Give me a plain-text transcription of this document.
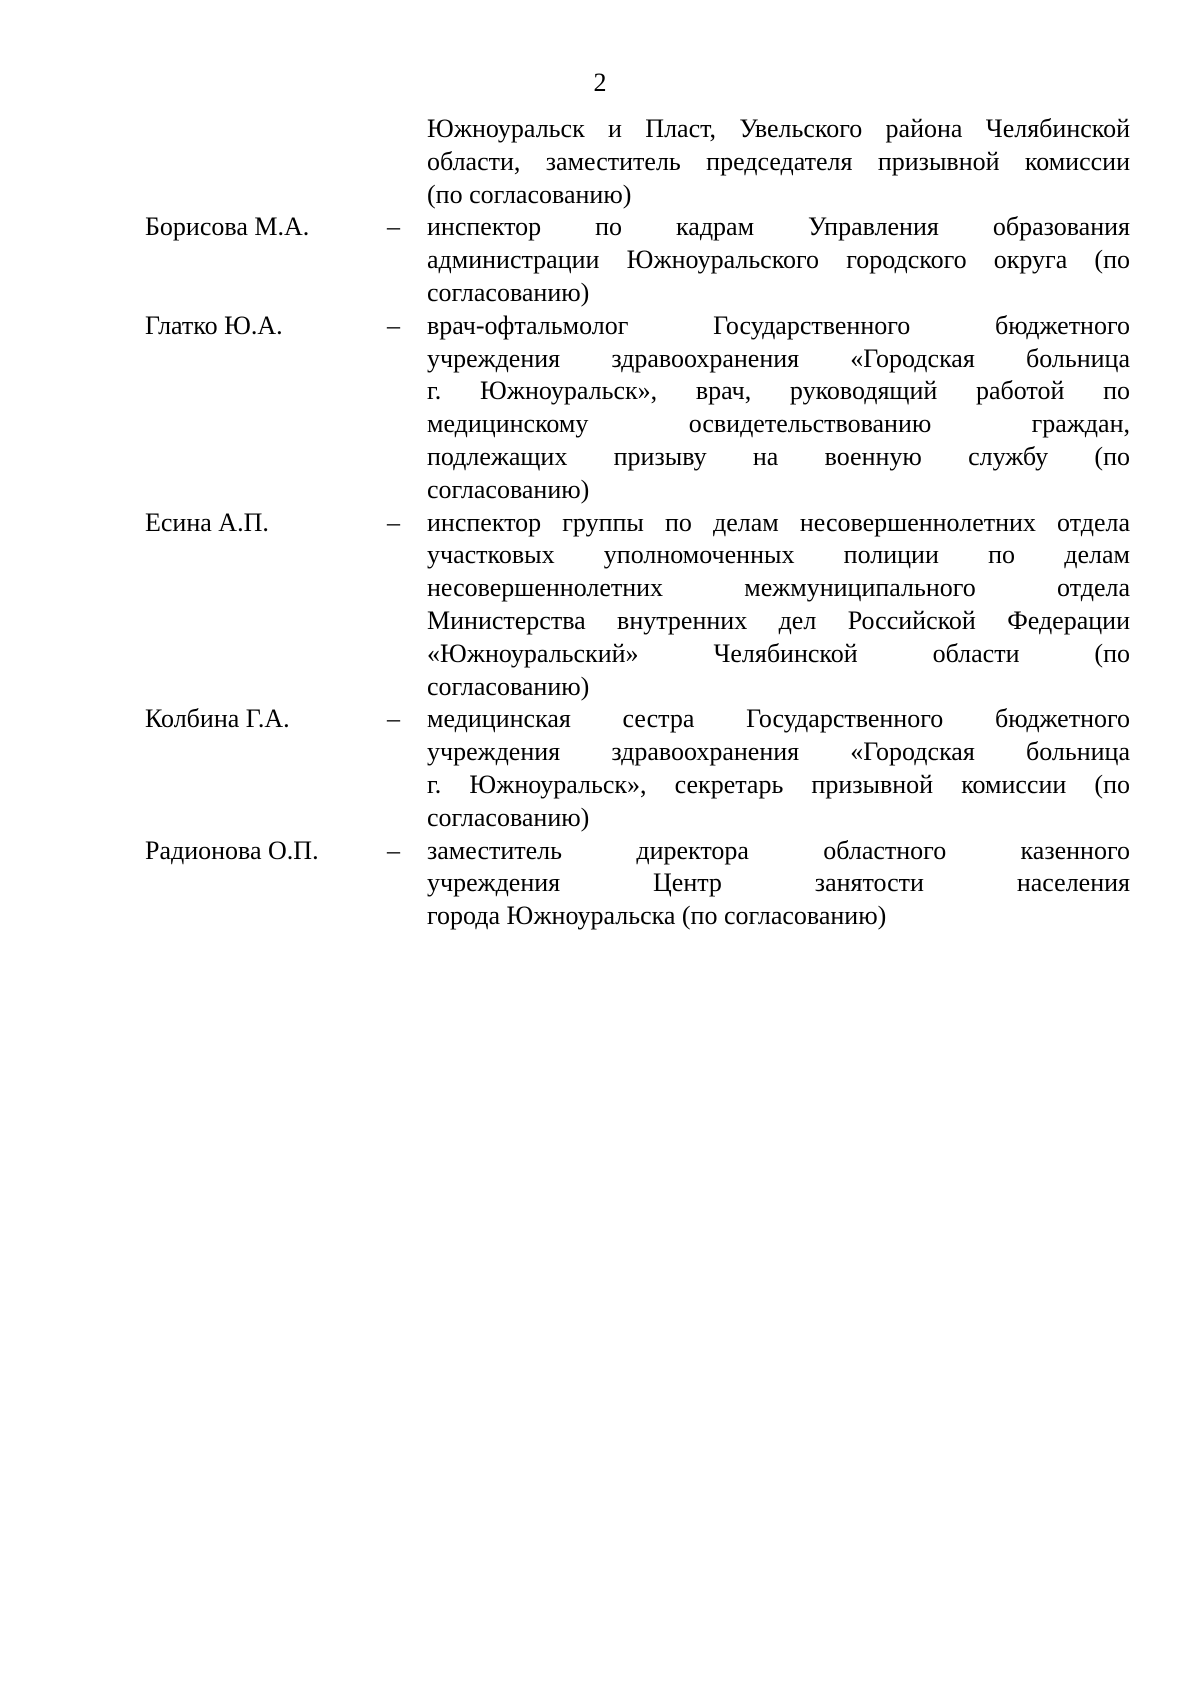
2
Южноуральск и Пласт, Увельского района Челябинской
области, заместитель председателя призывной комиссии
(по согласованию)
Борисова М.А.	–	инспектор по кадрам Управления образования
администрации Южноуральского городского округа (по
согласованию)
Глатко Ю.А.	–	врач-офтальмолог Государственного бюджетного
учреждения здравоохранения «Городская больница
г. Южноуральск», врач, руководящий работой по
медицинскому освидетельствованию граждан,
подлежащих призыву на военную службу (по
согласованию)
Есина А.П.	–	инспектор группы по делам несовершеннолетних отдела
участковых уполномоченных полиции по делам
несовершеннолетних межмуниципального отдела
Министерства внутренних дел Российской Федерации
«Южноуральский» Челябинской области (по
согласованию)
Колбина Г.А.	–	медицинская сестра Государственного бюджетного
учреждения здравоохранения «Городская больница
г. Южноуральск», секретарь призывной комиссии (по
согласованию)
Радионова О.П.	–	заместитель директора областного казенного
учреждения Центр занятости населения
города Южноуральска (по согласованию)
